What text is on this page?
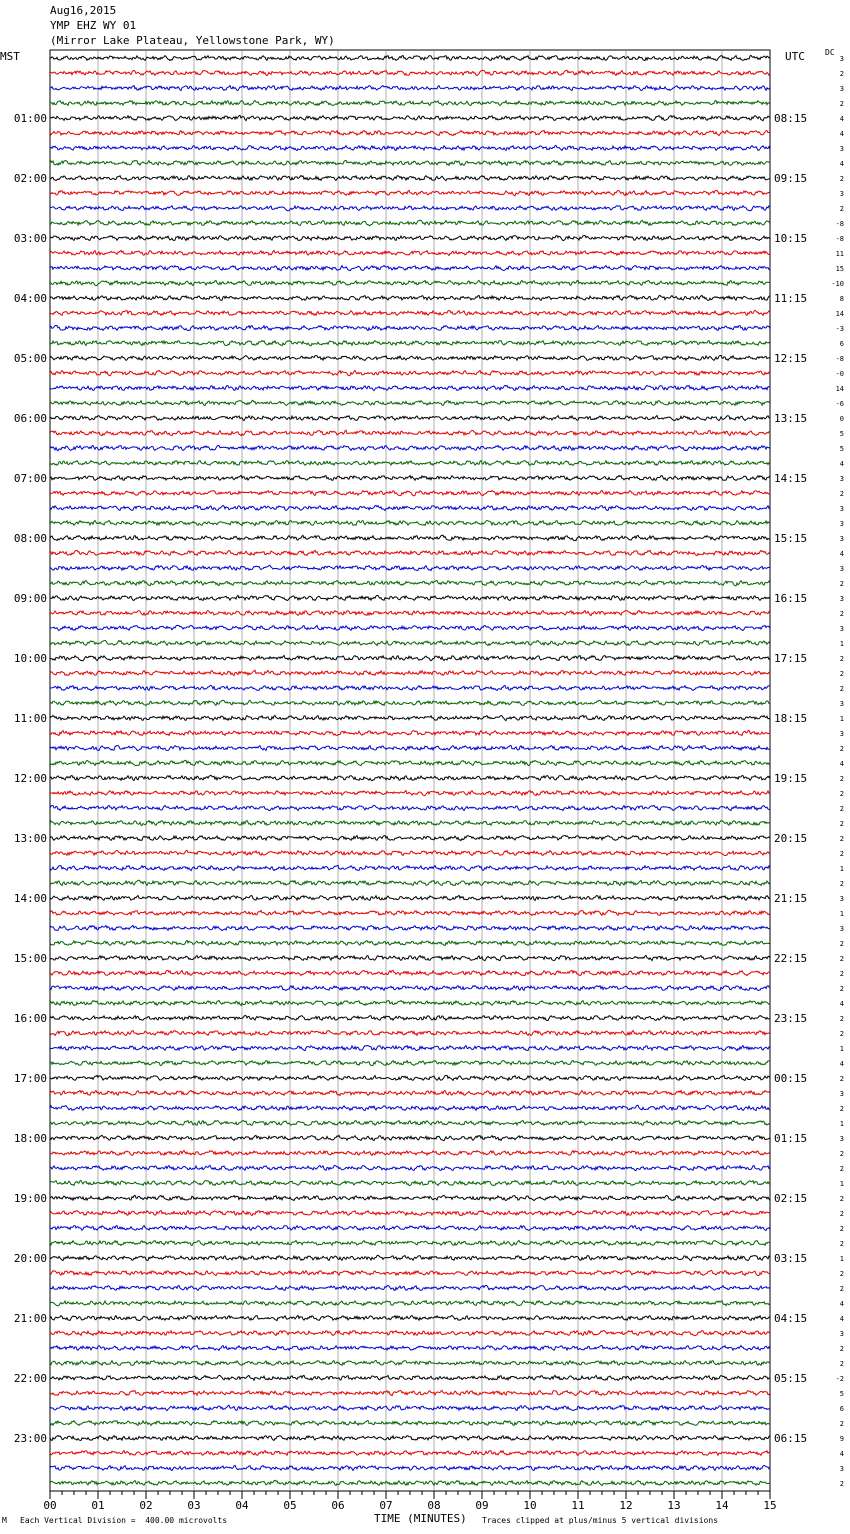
01:00
02:00
03:00
04:00
05:00
06:00
07:00
08:00
09:00
10:00
11:00
12:00
13:00
14:00
15:00
16:00
17:00
18:00
19:00
20:00
21:00
22:00
23:00
08:15
09:15
10:15
11:15
12:15
13:15
14:15
15:15
16:15
17:15
18:15
19:15
20:15
21:15
22:15
23:15
00:15
01:15
02:15
03:15
04:15
05:15
06:15
3
2
3
2
4
4
3
4
2
3
2
-8
-8
11
15
-10
8
14
-3
6
-8
-0
14
-6
0
5
5
4
3
2
3
3
3
4
3
2
3
2
3
1
2
2
2
3
1
3
2
4
2
2
2
2
2
2
1
2
3
1
3
2
2
2
2
4
2
2
1
4
2
3
2
1
3
2
2
1
2
2
2
2
1
2
2
4
4
3
2
2
-2
5
6
2
9
4
3
2
00	01	02	03	04	05	06	07	08	09	10	11	12	13	14	15
Aug16,2015
YMP EHZ WY 01
(Mirror Lake Plateau, Yellowstone Park, WY)
MST	UTC	DC
M Each Vertical Division =  400.00 microvolts	TIME (MINUTES) Traces clipped at plus/minus 5 vertical divisions
